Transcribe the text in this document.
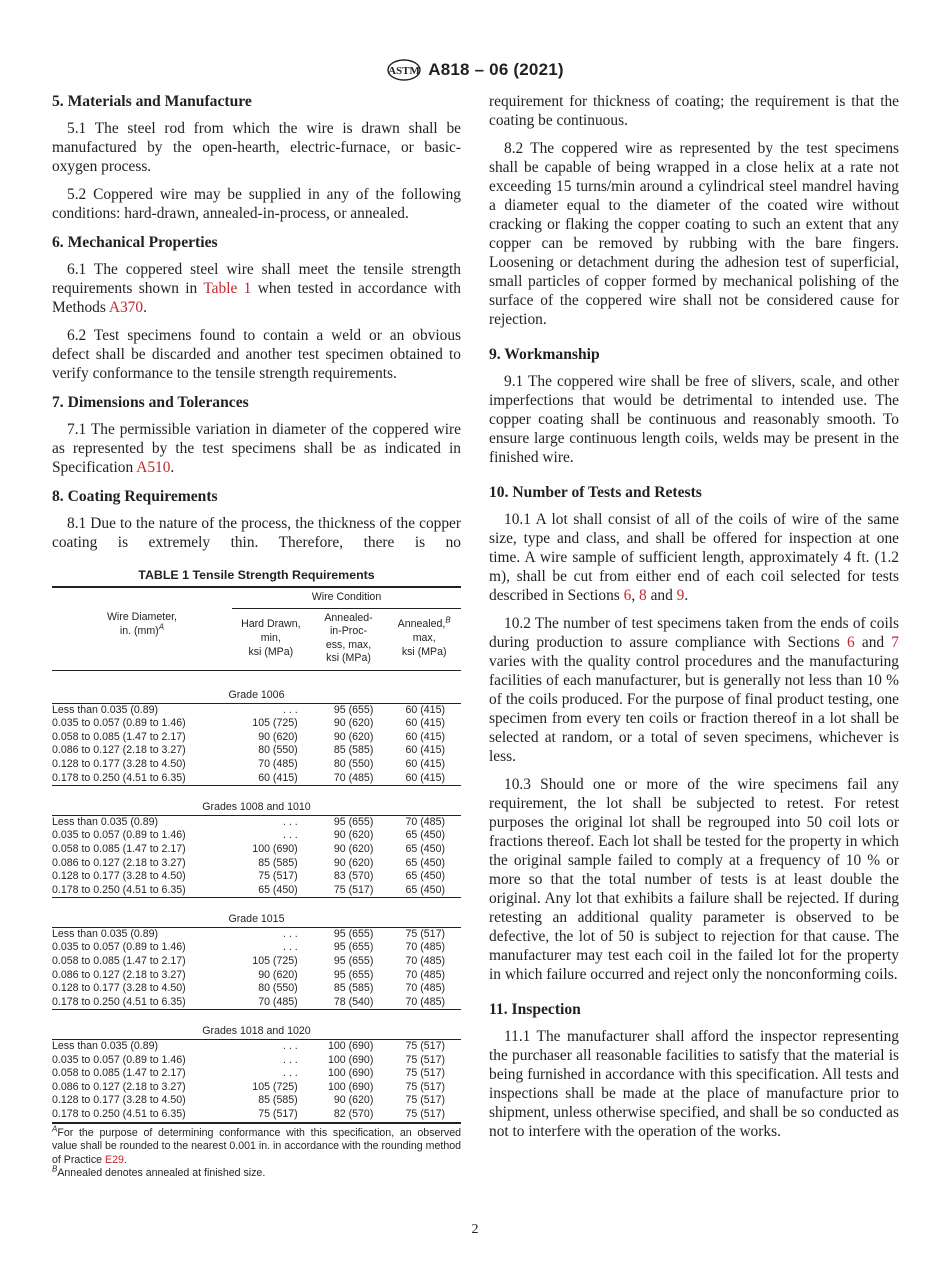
ASTM A818 – 06 (2021)
5. Materials and Manufacture

5.1 The steel rod from which the wire is drawn shall be manufactured by the open-hearth, electric-furnace, or basic-oxygen process.

5.2 Coppered wire may be supplied in any of the following conditions: hard-drawn, annealed-in-process, or annealed.

6. Mechanical Properties

6.1 The coppered steel wire shall meet the tensile strength requirements shown in Table 1 when tested in accordance with Methods A370.

6.2 Test specimens found to contain a weld or an obvious defect shall be discarded and another test specimen obtained to verify conformance to the tensile strength requirements.

7. Dimensions and Tolerances

7.1 The permissible variation in diameter of the coppered wire as represented by the test specimens shall be as indicated in Specification A510.

8. Coating Requirements

8.1 Due to the nature of the process, the thickness of the copper coating is extremely thin. Therefore, there is no

TABLE 1 Tensile Strength Requirements
Wire Diameter,
in. (mm)$^A$	Wire Condition		
	Hard Drawn,
min,
ksi (MPa)	Annealed-
in-Proc-
ess, max,
ksi (MPa)	Annealed,$^B$
max,
ksi (MPa)
Grade 1006			
Less than 0.035 (0.89)	. . .	95 (655)	60 (415)
0.035 to 0.057 (0.89 to 1.46)	105 (725)	90 (620)	60 (415)
0.058 to 0.085 (1.47 to 2.17)	90 (620)	90 (620)	60 (415)
0.086 to 0.127 (2.18 to 3.27)	80 (550)	85 (585)	60 (415)
0.128 to 0.177 (3.28 to 4.50)	70 (485)	80 (550)	60 (415)
0.178 to 0.250 (4.51 to 6.35)	60 (415)	70 (485)	60 (415)
Grades 1008 and 1010			
Less than 0.035 (0.89)	. . .	95 (655)	70 (485)
0.035 to 0.057 (0.89 to 1.46)	. . .	90 (620)	65 (450)
0.058 to 0.085 (1.47 to 2.17)	100 (690)	90 (620)	65 (450)
0.086 to 0.127 (2.18 to 3.27)	85 (585)	90 (620)	65 (450)
0.128 to 0.177 (3.28 to 4.50)	75 (517)	83 (570)	65 (450)
0.178 to 0.250 (4.51 to 6.35)	65 (450)	75 (517)	65 (450)
Grade 1015			
Less than 0.035 (0.89)	. . .	95 (655)	75 (517)
0.035 to 0.057 (0.89 to 1.46)	. . .	95 (655)	70 (485)
0.058 to 0.085 (1.47 to 2.17)	105 (725)	95 (655)	70 (485)
0.086 to 0.127 (2.18 to 3.27)	90 (620)	95 (655)	70 (485)
0.128 to 0.177 (3.28 to 4.50)	80 (550)	85 (585)	70 (485)
0.178 to 0.250 (4.51 to 6.35)	70 (485)	78 (540)	70 (485)
Grades 1018 and 1020			
Less than 0.035 (0.89)	. . .	100 (690)	75 (517)
0.035 to 0.057 (0.89 to 1.46)	. . .	100 (690)	75 (517)
0.058 to 0.085 (1.47 to 2.17)	. . .	100 (690)	75 (517)
0.086 to 0.127 (2.18 to 3.27)	105 (725)	100 (690)	75 (517)
0.128 to 0.177 (3.28 to 4.50)	85 (585)	90 (620)	75 (517)
0.178 to 0.250 (4.51 to 6.35)	75 (517)	82 (570)	75 (517)
$^A$For the purpose of determining conformance with this specification, an observed value shall be rounded to the nearest 0.001 in. in accordance with the rounding method of Practice E29.
$^B$Annealed denotes annealed at finished size.

requirement for thickness of coating; the requirement is that the coating be continuous.

8.2 The coppered wire as represented by the test specimens shall be capable of being wrapped in a close helix at a rate not exceeding 15 turns/min around a cylindrical steel mandrel having a diameter equal to the diameter of the coated wire without cracking or flaking the copper coating to such an extent that any copper can be removed by rubbing with the bare fingers. Loosening or detachment during the adhesion test of superficial, small particles of copper formed by mechanical polishing of the surface of the coppered wire shall not be considered cause for rejection.

9. Workmanship

9.1 The coppered wire shall be free of slivers, scale, and other imperfections that would be detrimental to intended use. The copper coating shall be continuous and reasonably smooth. To ensure large continuous length coils, welds may be present in the finished wire.

10. Number of Tests and Retests

10.1 A lot shall consist of all of the coils of wire of the same size, type and class, and shall be offered for inspection at one time. A wire sample of sufficient length, approximately 4 ft. (1.2 m), shall be cut from either end of each coil selected for tests described in Sections 6, 8 and 9.

10.2 The number of test specimens taken from the ends of coils during production to assure compliance with Sections 6 and 7 varies with the quality control procedures and the manufacturing facilities of each manufacturer, but is generally not less than 10 % of the coils produced. For the purpose of final product testing, one specimen from every ten coils or fraction thereof in a lot shall be selected at random, or a total of seven specimens, whichever is less.

10.3 Should one or more of the wire specimens fail any requirement, the lot shall be subjected to retest. For retest purposes the original lot shall be regrouped into 50 coil lots or fractions thereof. Each lot shall be tested for the property in which the original sample failed to comply at a frequency of 10 % or more so that the total number of tests is at least double the original. Any lot that exhibits a failure shall be rejected. If during retesting an additional quality parameter is observed to be defective, the lot of 50 is subject to rejection for that cause. The manufacturer may test each coil in the failed lot for the property in which failure occurred and reject only the nonconforming coils.

11. Inspection

11.1 The manufacturer shall afford the inspector representing the purchaser all reasonable facilities to satisfy that the material is being furnished in accordance with this specification. All tests and inspections shall be made at the place of manufacture prior to shipment, unless otherwise specified, and shall be so conducted as not to interfere with the operation of the works.

2
